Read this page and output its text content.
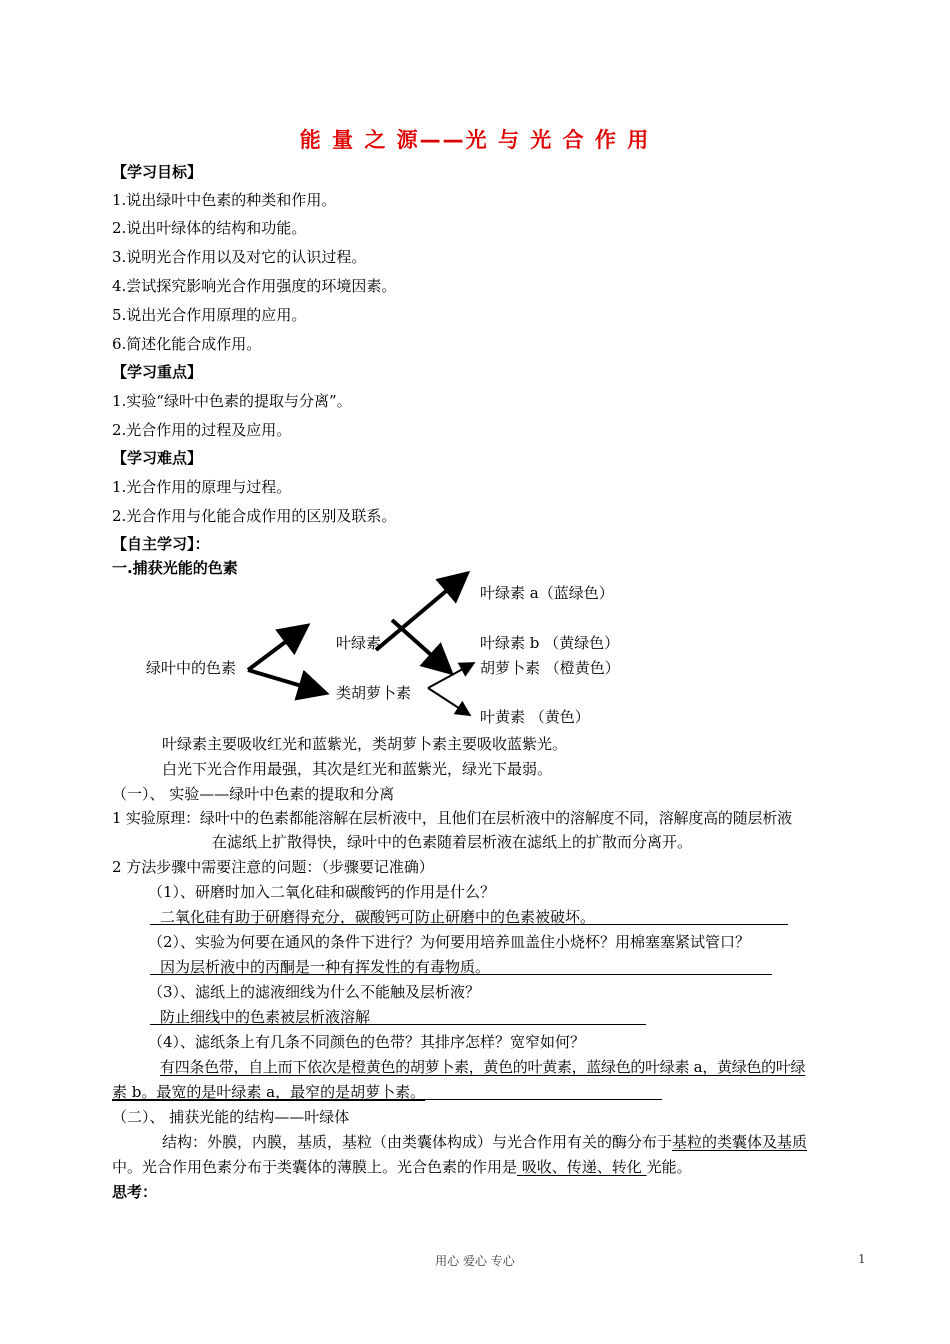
能 量 之 源——光 与 光 合 作 用
【学习目标】
1.说出绿叶中色素的种类和作用。
2.说出叶绿体的结构和功能。
3.说明光合作用以及对它的认识过程。
4.尝试探究影响光合作用强度的环境因素。
5.说出光合作用原理的应用。
6.简述化能合成作用。
【学习重点】
1.实验“绿叶中色素的提取与分离”。
2.光合作用的过程及应用。
【学习难点】
1.光合作用的原理与过程。
2.光合作用与化能合成作用的区别及联系。
【自主学习】：
一.捕获光能的色素
绿叶中的色素
叶绿素
类胡萝卜素
叶绿素 a（蓝绿色）
叶绿素 b （黄绿色）
胡萝卜素 （橙黄色）
叶黄素 （黄色）
叶绿素主要吸收红光和蓝紫光，类胡萝卜素主要吸收蓝紫光。
白光下光合作用最强，其次是红光和蓝紫光，绿光下最弱。
（一）、 实验——绿叶中色素的提取和分离
1 实验原理：绿叶中的色素都能溶解在层析液中，且他们在层析液中的溶解度不同，溶解度高的随层析液
在滤纸上扩散得快，绿叶中的色素随着层析液在滤纸上的扩散而分离开。
2 方法步骤中需要注意的问题：（步骤要记准确）
（1）、研磨时加入二氧化硅和碳酸钙的作用是什么？
二氧化硅有助于研磨得充分，碳酸钙可防止研磨中的色素被破坏。
（2）、实验为何要在通风的条件下进行？为何要用培养皿盖住小烧杯？用棉塞塞紧试管口？
因为层析液中的丙酮是一种有挥发性的有毒物质。
（3）、滤纸上的滤液细线为什么不能触及层析液？
防止细线中的色素被层析液溶解
（4）、滤纸条上有几条不同颜色的色带？其排序怎样？宽窄如何？
有四条色带，自上而下依次是橙黄色的胡萝卜素，黄色的叶黄素，蓝绿色的叶绿素 a，黄绿色的叶绿
素 b。最宽的是叶绿素 a，最窄的是胡萝卜素。
（二）、 捕获光能的结构——叶绿体
结构：外膜，内膜，基质，基粒（由类囊体构成）与光合作用有关的酶分布于基粒的类囊体及基质
中。光合作用色素分布于类囊体的薄膜上。光合色素的作用是 吸收、传递、转化 光能。
思考：
用心 爱心 专心	1
